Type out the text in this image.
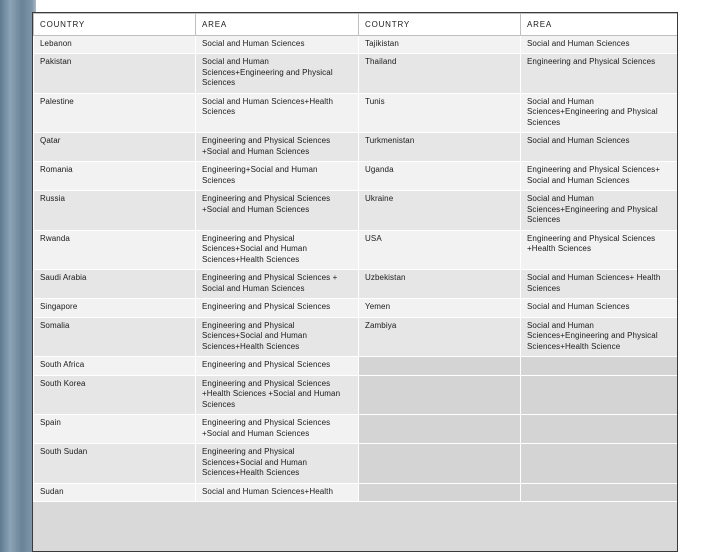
COUNTRY	AREA	COUNTRY	AREA
Lebanon	Social and Human Sciences	Tajikistan	Social and Human Sciences
Pakistan	Social and Human Sciences+Engineering and Physical Sciences	Thailand	Engineering and Physical Sciences
Palestine	Social and Human Sciences+Health Sciences	Tunis	Social and Human Sciences+Engineering and Physical Sciences
Qatar	Engineering and Physical Sciences +Social and Human Sciences	Turkmenistan	Social and Human Sciences
Romania	Engineering+Social and Human Sciences	Uganda	Engineering and Physical Sciences+ Social and Human Sciences
Russia	Engineering and Physical Sciences +Social and Human Sciences	Ukraine	Social and Human Sciences+Engineering and Physical Sciences
Rwanda	Engineering and Physical Sciences+Social and Human Sciences+Health Sciences	USA	Engineering and Physical Sciences +Health Sciences
Saudi Arabia	Engineering and Physical Sciences + Social and Human Sciences	Uzbekistan	Social and Human Sciences+ Health Sciences
Singapore	Engineering and Physical Sciences	Yemen	Social and Human Sciences
Somalia	Engineering and Physical Sciences+Social and Human Sciences+Health Sciences	Zambiya	Social and Human Sciences+Engineering and Physical Sciences+Health Science
South Africa	Engineering and Physical Sciences		
South Korea	Engineering and Physical Sciences +Health Sciences +Social and Human Sciences		
Spain	Engineering and Physical Sciences +Social and Human Sciences		
South Sudan	Engineering and Physical Sciences+Social and Human Sciences+Health Sciences		
Sudan	Social and Human Sciences+Health		
